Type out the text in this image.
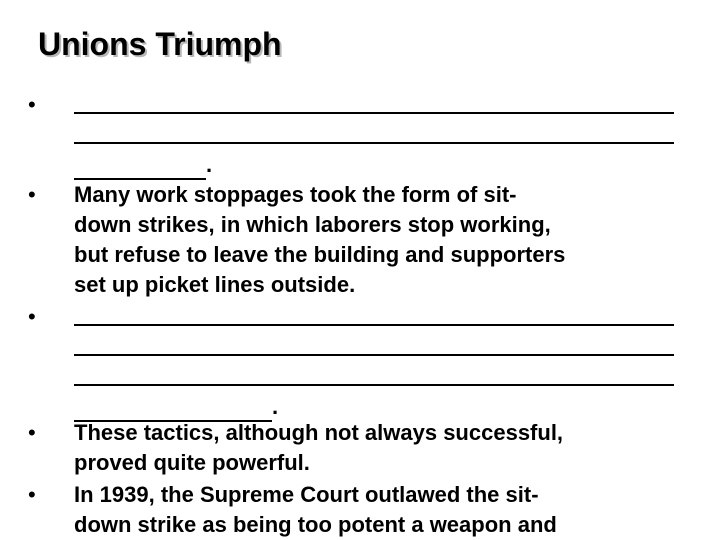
Unions Triumph
•
.
• Many work stoppages took the form of sit-
down strikes, in which laborers stop working,
but refuse to leave the building and supporters
set up picket lines outside.
•
.
• These tactics, although not always successful,
proved quite powerful.
• In 1939, the Supreme Court outlawed the sit-
down strike as being too potent a weapon and
